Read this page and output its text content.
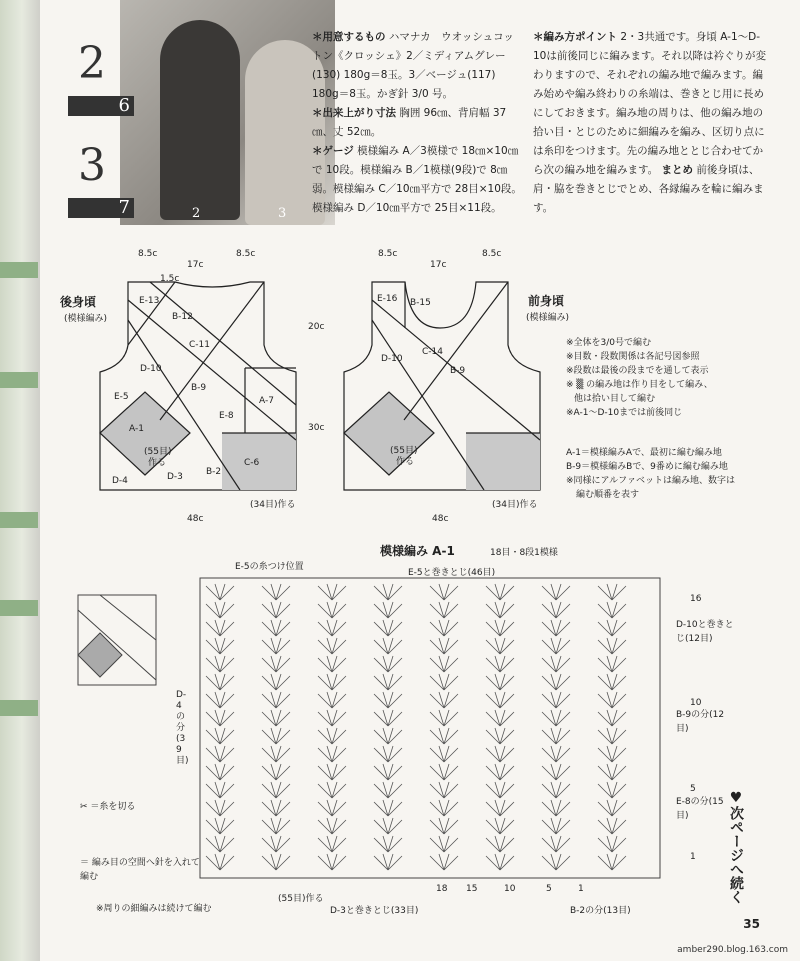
2	3
2
6
3
7
＊用意するもの ハマナカ　ウオッシュコットン《クロッシェ》2／ミディアムグレー(130) 180g＝8玉。3／ベージュ(117) 180g＝8玉。かぎ針 3/0 号。
＊出来上がり寸法 胸囲 96㎝、背肩幅 37㎝、丈 52㎝。
＊ゲージ 模様編み A／3模様で 18㎝×10㎝で 10段。模様編み B／1模様(9段)で 8㎝弱。模様編み C／10㎝平方で 28目×10段。模様編み D／10㎝平方で 25目×11段。
＊編み方ポイント 2・3共通です。身頃 A-1〜D-10は前後同じに編みます。それ以降は衿ぐりが変わりますので、それぞれの編み地で編みます。編み始めや編み終わりの糸端は、巻きとじ用に長めにしておきます。編み地の周りは、他の編み地の拾い目・とじのために細編みを編み、区切り点には糸印をつけます。先の編み地ととじ合わせてから次の編み地を編みます。 まとめ 前後身頃は、肩・脇を巻きとじでとめ、各縁編みを輪に編みます。
8.5c
17c
8.5c
1.5c
後身頃
(模様編み)
E-13
B-12
C-11
D-10
B-9
E-8
A-7
E-5
A-1
C-6
D-4	D-3	B-2
(55目)
作る
(34目)作る
48c
8.5c
17c
8.5c
20c
30c
前身頃
(模様編み)
E-16 B-15
C-14
D-10
B-9
(55目)
作る
(34目)作る
48c
※全体を3/0号で編む
※目数・段数関係は各記号図参照
※段数は最後の段までを通して表示
※ ▒ の編み地は作り目をして編み、
他は拾い目して編む
※A-1〜D-10までは前後同じ
A-1＝模様編みAで、最初に編む編み地
B-9＝模様編みBで、9番めに編む編み地
※同様にアルファベットは編み地、数字は
編む順番を表す
模様編み A-1	18目・8段1模様
E-5の糸つけ位置
E-5と巻きとじ(46目)
D-4の分(39目)
D-10と巻きとじ(12目)
B-9の分(12目)
E-8の分(15目)
16
10
5
1
18 15	10	5	1
(55目)作る
D-3と巻きとじ(33目)	B-2の分(13目)
✂ ＝糸を切る
＝ 編み目の空間へ針を入れて編む
※周りの細編みは続けて編む
♥次ページへ続く
35
amber290.blog.163.com
